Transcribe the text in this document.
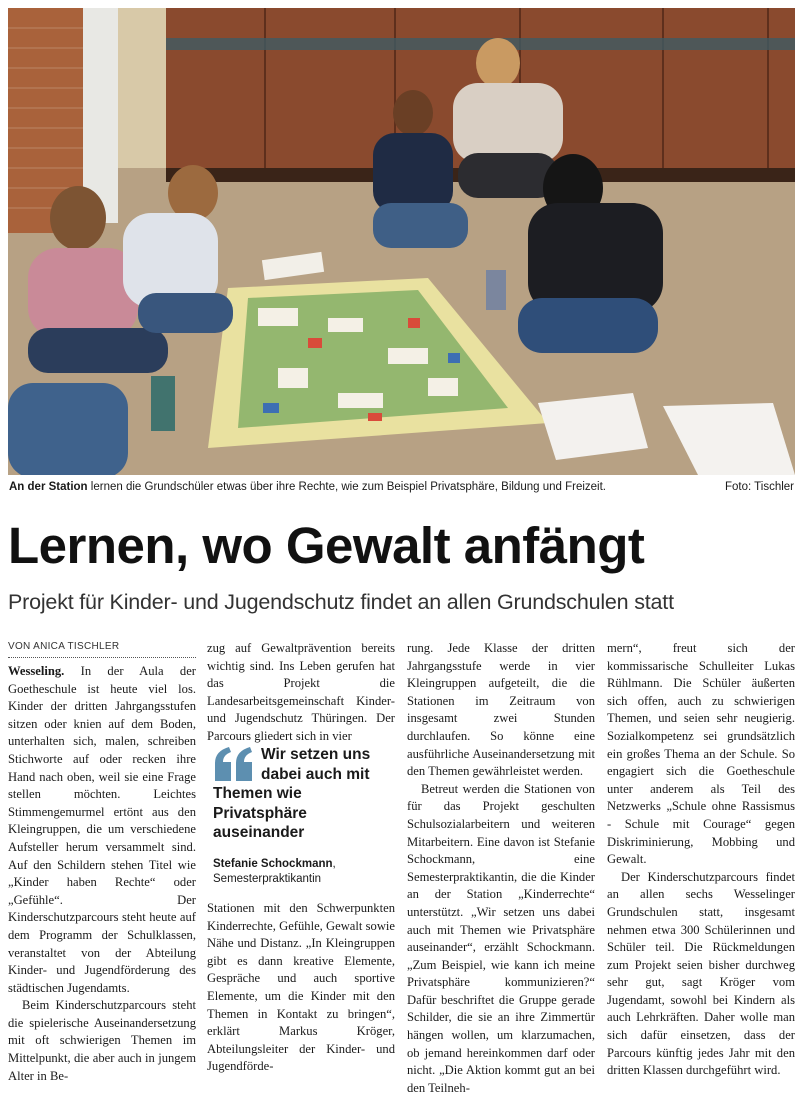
An der Station lernen die Grundschüler etwas über ihre Rechte, wie zum Beispiel Privatsphäre, Bildung und Freizeit.	Foto: Tischler
Lernen, wo Gewalt anfängt
Projekt für Kinder- und Jugendschutz findet an allen Grundschulen statt
VON ANICA TISCHLER

Wesseling. In der Aula der Goetheschule ist heute viel los. Kinder der dritten Jahrgangsstufen sitzen oder knien auf dem Boden, unterhalten sich, malen, schreiben Stichworte auf oder recken ihre Hand nach oben, weil sie eine Frage stellen möchten. Leichtes Stimmengemurmel ertönt aus den Kleingruppen, die um verschiedene Aufsteller herum versammelt sind. Auf den Schildern stehen Titel wie „Kinder haben Rechte“ oder „Gefühle“. Der Kinderschutzparcours steht heute auf dem Programm der Schulklassen, veranstaltet von der Abteilung Kinder- und Jugendförderung des städtischen Jugendamts.

Beim Kinderschutzparcours steht die spielerische Auseinandersetzung mit oft schwierigen Themen im Mittelpunkt, die aber auch in jungem Alter in Be-

zug auf Gewaltprävention bereits wichtig sind. Ins Leben gerufen hat das Projekt die Landesarbeitsgemeinschaft Kinder- und Jugendschutz Thüringen. Der Parcours gliedert sich in vier

Wir setzen uns dabei auch mit Themen wie Privatsphäre auseinander
Stefanie Schockmann, Semesterpraktikantin

Stationen mit den Schwerpunkten Kinderrechte, Gefühle, Gewalt sowie Nähe und Distanz. „In Kleingruppen gibt es dann kreative Elemente, Gespräche und auch sportive Elemente, um die Kinder mit den Themen in Kontakt zu bringen“, erklärt Markus Kröger, Abteilungsleiter der Kinder- und Jugendförde-

rung. Jede Klasse der dritten Jahrgangsstufe werde in vier Kleingruppen aufgeteilt, die die Stationen im Zeitraum von insgesamt zwei Stunden durchlaufen. So könne eine ausführliche Auseinandersetzung mit den Themen gewährleistet werden.

Betreut werden die Stationen von für das Projekt geschulten Schulsozialarbeitern und weiteren Mitarbeitern. Eine davon ist Stefanie Schockmann, eine Semesterpraktikantin, die die Kinder an der Station „Kinderrechte“ unterstützt. „Wir setzen uns dabei auch mit Themen wie Privatsphäre auseinander“, erzählt Schockmann. „Zum Beispiel, wie kann ich meine Privatsphäre kommunizieren?“ Dafür beschriftet die Gruppe gerade Schilder, die sie an ihre Zimmertür hängen wollen, um klarzumachen, ob jemand hereinkommen darf oder nicht. „Die Aktion kommt gut an bei den Teilneh-

mern“, freut sich der kommissarische Schulleiter Lukas Rühlmann. Die Schüler äußerten sich offen, auch zu schwierigen Themen, und seien sehr neugierig. Sozialkompetenz sei grundsätzlich ein großes Thema an der Schule. So engagiert sich die Goetheschule unter anderem als Teil des Netzwerks „Schule ohne Rassismus - Schule mit Courage“ gegen Diskriminierung, Mobbing und Gewalt.

Der Kinderschutzparcours findet an allen sechs Wesselinger Grundschulen statt, insgesamt nehmen etwa 300 Schülerinnen und Schüler teil. Die Rückmeldungen zum Projekt seien bisher durchweg sehr gut, sagt Kröger vom Jugendamt, sowohl bei Kindern als auch Lehrkräften. Daher wolle man sich dafür einsetzen, dass der Parcours künftig jedes Jahr mit den dritten Klassen durchgeführt wird.
